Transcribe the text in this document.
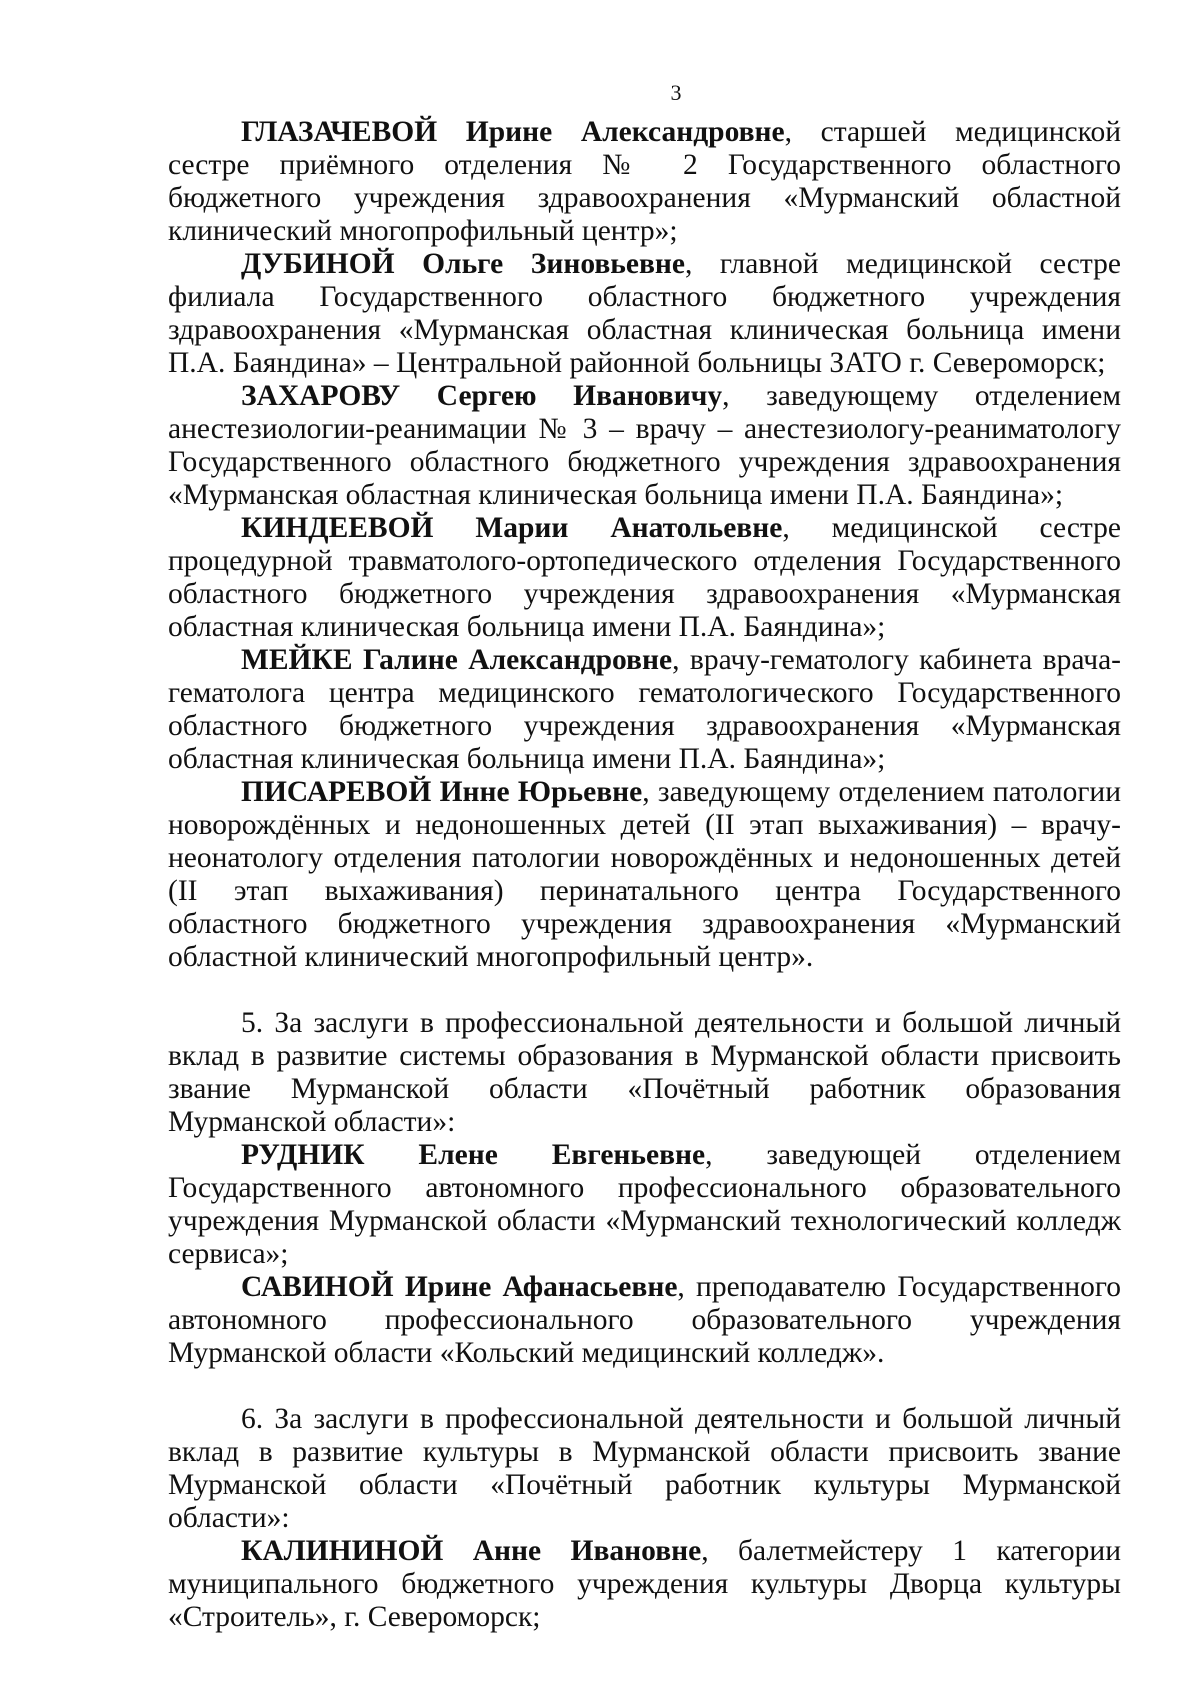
3

ГЛАЗАЧЕВОЙ Ирине Александровне, старшей медицинской сестре приёмного отделения № 2 Государственного областного бюджетного учреждения здравоохранения «Мурманский областной клинический многопрофильный центр»;

ДУБИНОЙ Ольге Зиновьевне, главной медицинской сестре филиала Государственного областного бюджетного учреждения здравоохранения «Мурманская областная клиническая больница имени П.А. Баяндина» – Центральной районной больницы ЗАТО г. Североморск;

ЗАХАРОВУ Сергею Ивановичу, заведующему отделением анестезиологии-реанимации № 3 – врачу – анестезиологу-реаниматологу Государственного областного бюджетного учреждения здравоохранения «Мурманская областная клиническая больница имени П.А. Баяндина»;

КИНДЕЕВОЙ Марии Анатольевне, медицинской сестре процедурной травматолого-ортопедического отделения Государственного областного бюджетного учреждения здравоохранения «Мурманская областная клиническая больница имени П.А. Баяндина»;

МЕЙКЕ Галине Александровне, врачу-гематологу кабинета врача-гематолога центра медицинского гематологического Государственного областного бюджетного учреждения здравоохранения «Мурманская областная клиническая больница имени П.А. Баяндина»;

ПИСАРЕВОЙ Инне Юрьевне, заведующему отделением патологии новорождённых и недоношенных детей (II этап выхаживания) – врачу-неонатологу отделения патологии новорождённых и недоношенных детей (II этап выхаживания) перинатального центра Государственного областного бюджетного учреждения здравоохранения «Мурманский областной клинический многопрофильный центр».

5. За заслуги в профессиональной деятельности и большой личный вклад в развитие системы образования в Мурманской области присвоить звание Мурманской области «Почётный работник образования Мурманской области»:

РУДНИК Елене Евгеньевне, заведующей отделением Государственного автономного профессионального образовательного учреждения Мурманской области «Мурманский технологический колледж сервиса»;

САВИНОЙ Ирине Афанасьевне, преподавателю Государственного автономного профессионального образовательного учреждения Мурманской области «Кольский медицинский колледж».

6. За заслуги в профессиональной деятельности и большой личный вклад в развитие культуры в Мурманской области присвоить звание Мурманской области «Почётный работник культуры Мурманской области»:

КАЛИНИНОЙ Анне Ивановне, балетмейстеру 1 категории муниципального бюджетного учреждения культуры Дворца культуры «Строитель», г. Североморск;
